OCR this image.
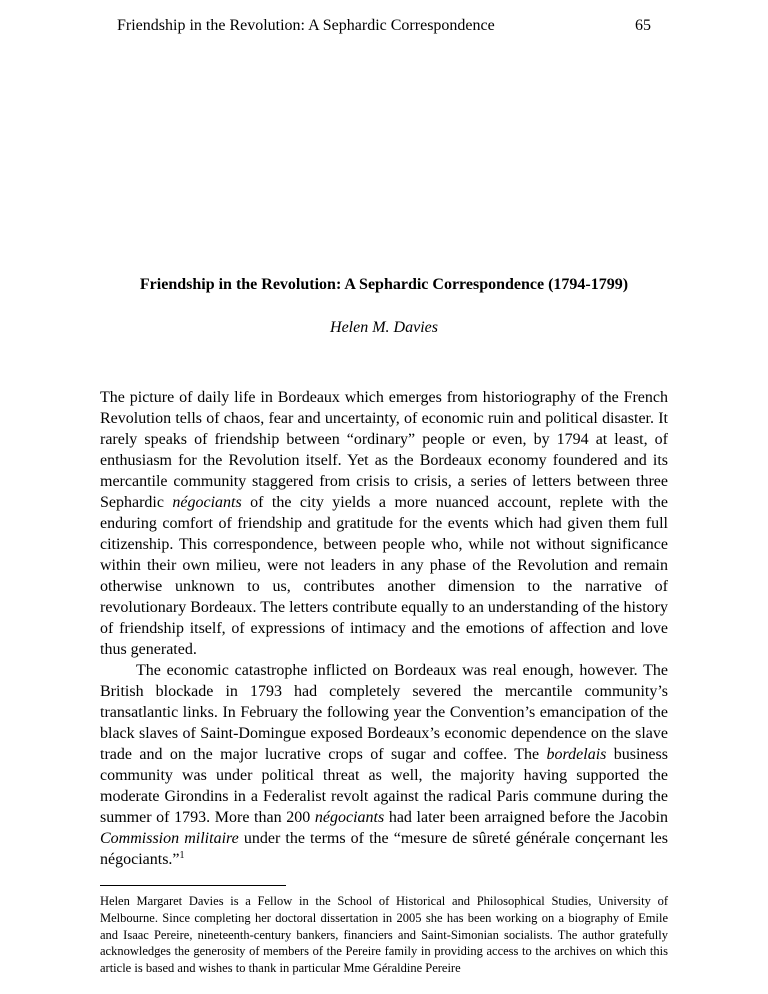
Friendship in the Revolution: A Sephardic Correspondence	65
Friendship in the Revolution: A Sephardic Correspondence (1794-1799)
Helen M. Davies

The picture of daily life in Bordeaux which emerges from historiography of the French Revolution tells of chaos, fear and uncertainty, of economic ruin and political disaster. It rarely speaks of friendship between “ordinary” people or even, by 1794 at least, of enthusiasm for the Revolution itself. Yet as the Bordeaux economy foundered and its mercantile community staggered from crisis to crisis, a series of letters between three Sephardic négociants of the city yields a more nuanced account, replete with the enduring comfort of friendship and gratitude for the events which had given them full citizenship. This correspondence, between people who, while not without significance within their own milieu, were not leaders in any phase of the Revolution and remain otherwise unknown to us, contributes another dimension to the narrative of revolutionary Bordeaux. The letters contribute equally to an understanding of the history of friendship itself, of expressions of intimacy and the emotions of affection and love thus generated.

The economic catastrophe inflicted on Bordeaux was real enough, however. The British blockade in 1793 had completely severed the mercantile community’s transatlantic links. In February the following year the Convention’s emancipation of the black slaves of Saint-Domingue exposed Bordeaux’s economic dependence on the slave trade and on the major lucrative crops of sugar and coffee. The bordelais business community was under political threat as well, the majority having supported the moderate Girondins in a Federalist revolt against the radical Paris commune during the summer of 1793. More than 200 négociants had later been arraigned before the Jacobin Commission militaire under the terms of the “mesure de sûreté générale conçernant les négociants.”$^1$

Helen Margaret Davies is a Fellow in the School of Historical and Philosophical Studies, University of Melbourne. Since completing her doctoral dissertation in 2005 she has been working on a biography of Emile and Isaac Pereire, nineteenth-century bankers, financiers and Saint-Simonian socialists. The author gratefully acknowledges the generosity of members of the Pereire family in providing access to the archives on which this article is based and wishes to thank in particular Mme Géraldine Pereire
